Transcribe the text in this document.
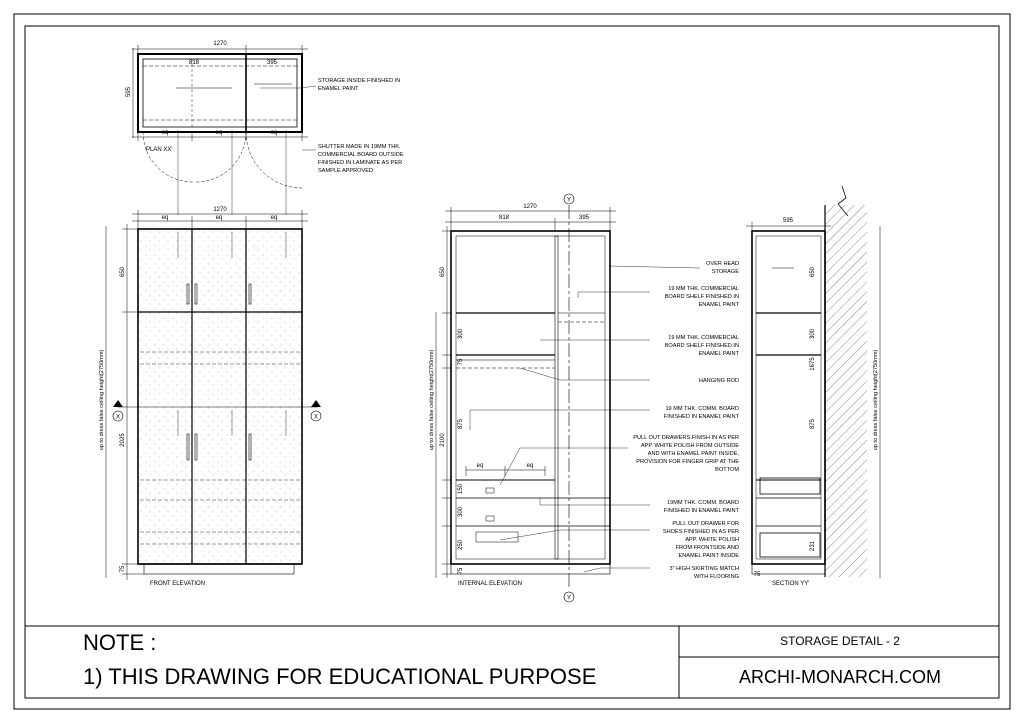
1270
818	395
595
eq	eq	eq
PLAN XX'
STORAGE INSIDE FINISHED IN
ENAMEL PAINT
SHUTTER MADE IN 19MM THK.
COMMERCIAL BOARD OUTSIDE
FINISHED IN LAMINATE AS PER
SAMPLE APPROVED
1270
eq	eq	eq
650
2025
75
up to dress false ceiling height(2750mm) X	X
FRONT ELEVATION
1270
818	395
Y
Y
650
300
75
875
150
300
250
75
2100
up to dress false ceiling height(2750mm)
eq	eq
INTERNAL ELEVATION
OVER HEAD
STORAGE
19 MM THK. COMMERCIAL
BOARD SHELF FINISHED IN
ENAMEL PAINT
19 MM THK. COMMERCIAL
BOARD SHELF FINISHED IN
ENAMEL PAINT
HANGING ROD
19 MM THK. COMM. BOARD
FINISHED IN ENAMEL PAINT
PULL OUT DRAWERS FINISH IN AS PER
APP. WHITE POLISH FROM OUTSIDE
AND WITH ENAMEL PAINT INSIDE,
PROVISION FOR FINGER GRIP AT THE
BOTTOM
19MM THK. COMM. BOARD
FINISHED IN ENAMEL PAINT
PULL OUT DRAWER FOR
SHOES FINISHED IN AS PER
APP. WHITE POLISH
FROM FRONTSIDE AND
ENAMEL PAINT INSIDE
3" HIGH SKIRTING MATCH
WITH FLOORING
595
650
300
1675
875
231
75
up to dress false ceiling height(2750mm)
SECTION YY'
NOTE :
1) THIS DRAWING FOR EDUCATIONAL PURPOSE
STORAGE DETAIL - 2
ARCHI-MONARCH.COM
